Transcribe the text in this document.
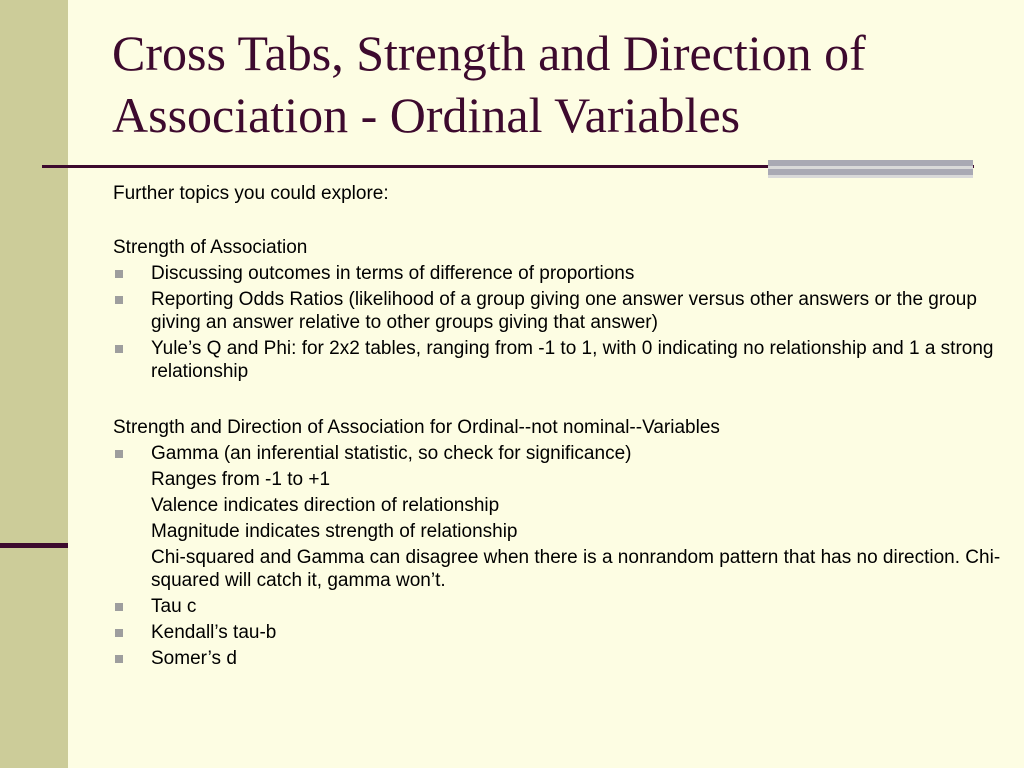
Cross Tabs, Strength and Direction of Association - Ordinal Variables

Further topics you could explore:

Strength of Association

Discussing outcomes in terms of difference of proportions
Reporting Odds Ratios (likelihood of a group giving one answer versus other answers or the group giving an answer relative to other groups giving that answer)
Yule’s Q and Phi: for 2x2 tables, ranging from -1 to 1, with 0 indicating no relationship and 1 a strong relationship

Strength and Direction of Association for Ordinal--not nominal--Variables

Gamma (an inferential statistic, so check for significance)
Ranges from -1 to +1
Valence indicates direction of relationship
Magnitude indicates strength of relationship
Chi-squared and Gamma can disagree when there is a nonrandom pattern that has no direction. Chi-squared will catch it, gamma won’t.
Tau c
Kendall’s tau-b
Somer’s d
